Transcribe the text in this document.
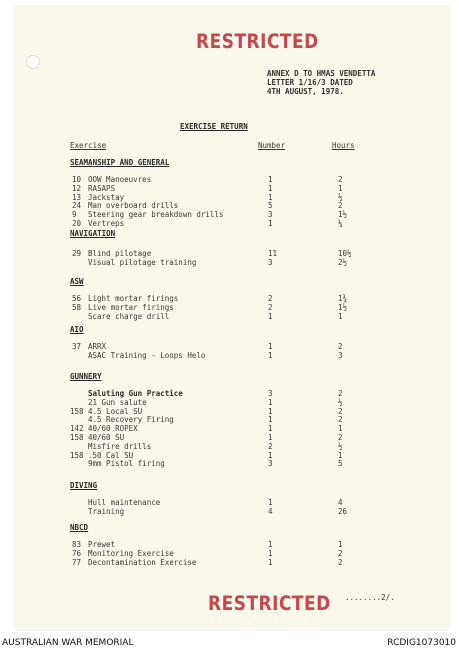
RESTRICTED
ANNEX D TO HMAS VENDETTA
LETTER 1/16/3 DATED
4TH AUGUST, 1978.
EXERCISE RETURN
Exercise	Number	Hours
SEAMANSHIP AND GENERAL
10 OOW Manoeuvres	1	2
12 RASAPS	1	1
13 Jackstay	1	½
24 Man overboard drills	5	2
9 Steering gear breakdown drills	3	1½
20 Vertreps	1	¼
NAVIGATION
29 Blind pilotage	11	10½
Visual pilotage training	3	2½
ASW
56 Light mortar firings	2	1¾
58 Live mortar firings	2	1½
Scare charge drill	1	1
AIO
37 ARRX	1	2
ASAC Training - Loops Helo	1	3
GUNNERY
Saluting Gun Practice	3	2
21 Gun salute	1	½
158 4.5 Local SU	1	2
4.5 Recovery Firing	1	2
142 40/60 ROPEX	1	1
158 40/60 SU	1	2
Misfire drills	2	½
158 .50 Cal SU	1	1
9mm Pistol firing	3	5
DIVING
Hull maintenance	1	4
Training	4	26
NBCD
83 Prewet	1	1
76 Monitoring Exercise	1	2
77 Decontamination Exercise	1	2
........2/.
RESTRICTED
AUSTRALIAN WAR MEMORIAL	RCDIG1073010
